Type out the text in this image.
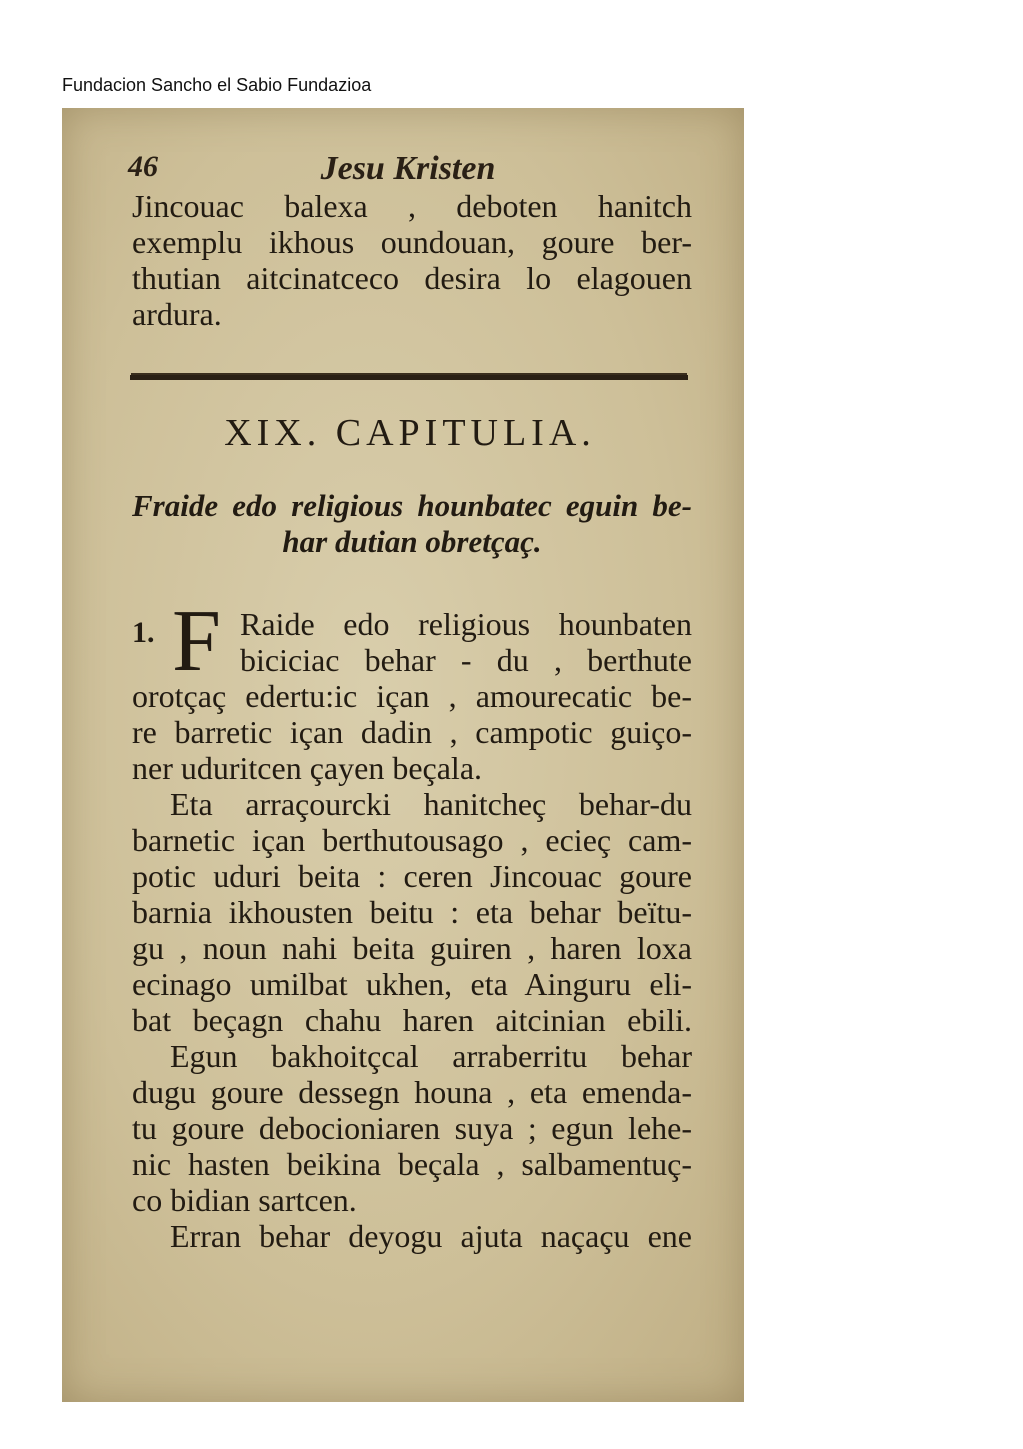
Fundacion Sancho el Sabio Fundazioa
46	Jesu Kristen
Jincouac balexa , deboten hanitch
exemplu ikhous oundouan, goure ber-
thutian aitcinatceco desira lo elagouen
ardura.
XIX. CAPITULIA.
Fraide edo religious hounbatec eguin be-
har dutian obretçaç.
1. F Raide edo religious hounbaten
biciciac behar - du , berthute
orotçaç edertu:ic içan , amourecatic be-
re barretic içan dadin , campotic guiço-
ner uduritcen çayen beçala.
Eta arraçourcki hanitcheç behar-du
barnetic içan berthutousago , ecieç cam-
potic uduri beita : ceren Jincouac goure
barnia ikhousten beitu : eta behar beïtu-
gu , noun nahi beita guiren , haren loxa
ecinago umilbat ukhen, eta Ainguru eli-
bat beçagn chahu haren aitcinian ebili.
Egun bakhoitçcal arraberritu behar
dugu goure dessegn houna , eta emenda-
tu goure debocioniaren suya ; egun lehe-
nic hasten beikina beçala , salbamentuç-
co bidian sartcen.
Erran behar deyogu ajuta naçaçu ene
